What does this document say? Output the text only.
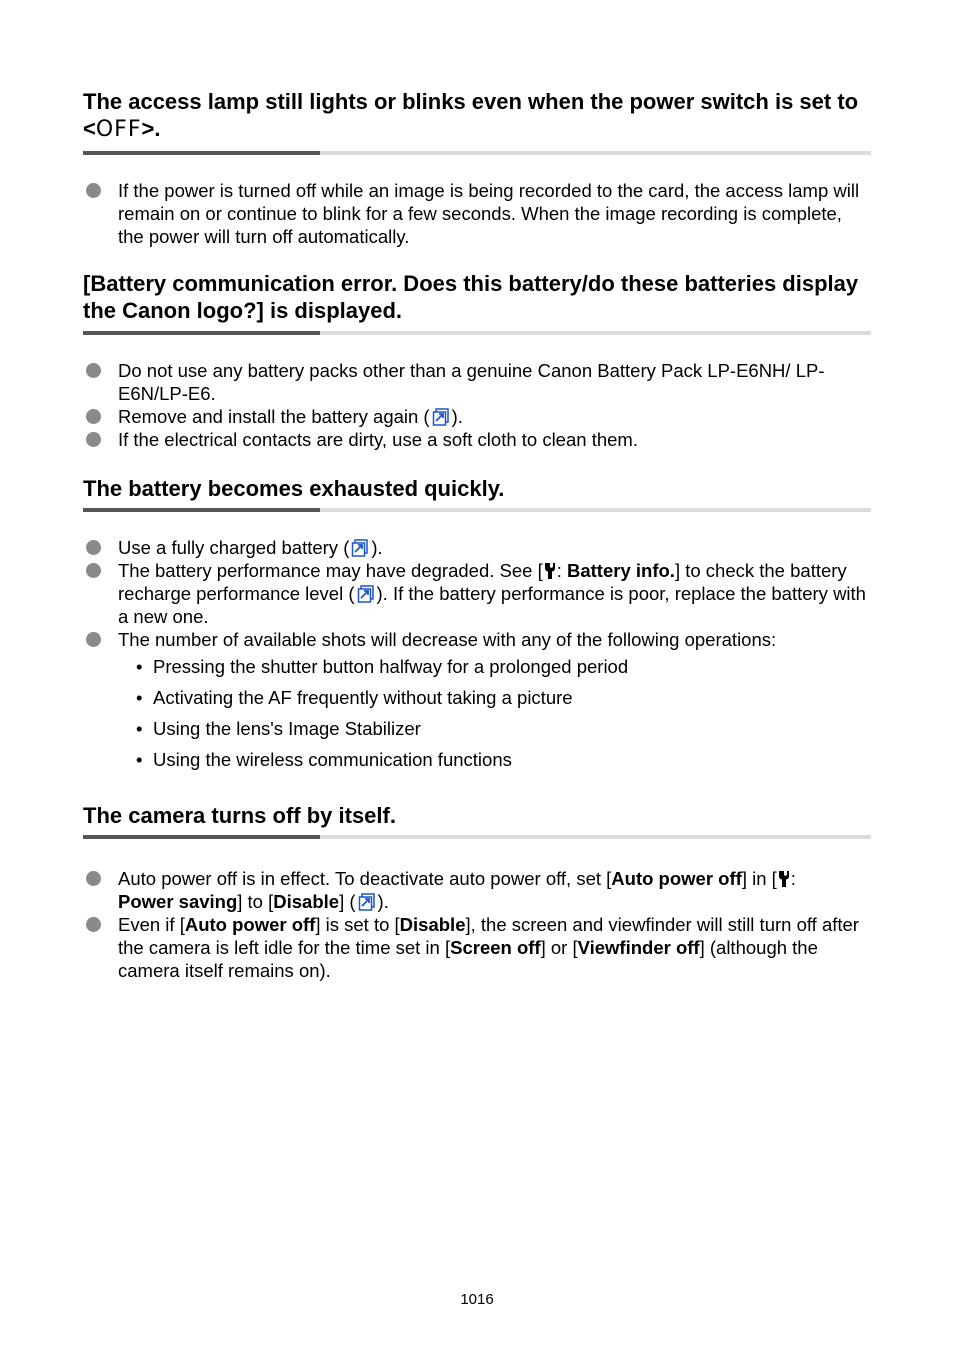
The access lamp still lights or blinks even when the power switch is set to <OFF>.
If the power is turned off while an image is being recorded to the card, the access lamp will remain on or continue to blink for a few seconds. When the image recording is complete, the power will turn off automatically.
[Battery communication error. Does this battery/do these batteries display the Canon logo?] is displayed.
Do not use any battery packs other than a genuine Canon Battery Pack LP-E6NH/ LP-E6N/LP-E6.
Remove and install the battery again ( ).
If the electrical contacts are dirty, use a soft cloth to clean them.
The battery becomes exhausted quickly.
Use a fully charged battery ( ).
The battery performance may have degraded. See [ : Battery info.] to check the battery recharge performance level ( ). If the battery performance is poor, replace the battery with a new one.
The number of available shots will decrease with any of the following operations:
• Pressing the shutter button halfway for a prolonged period
• Activating the AF frequently without taking a picture
• Using the lens's Image Stabilizer
• Using the wireless communication functions
The camera turns off by itself.
Auto power off is in effect. To deactivate auto power off, set [Auto power off] in [ :
Power saving] to [Disable] ( ).
Even if [Auto power off] is set to [Disable], the screen and viewfinder will still turn off after the camera is left idle for the time set in [Screen off] or [Viewfinder off] (although the camera itself remains on).
1016
